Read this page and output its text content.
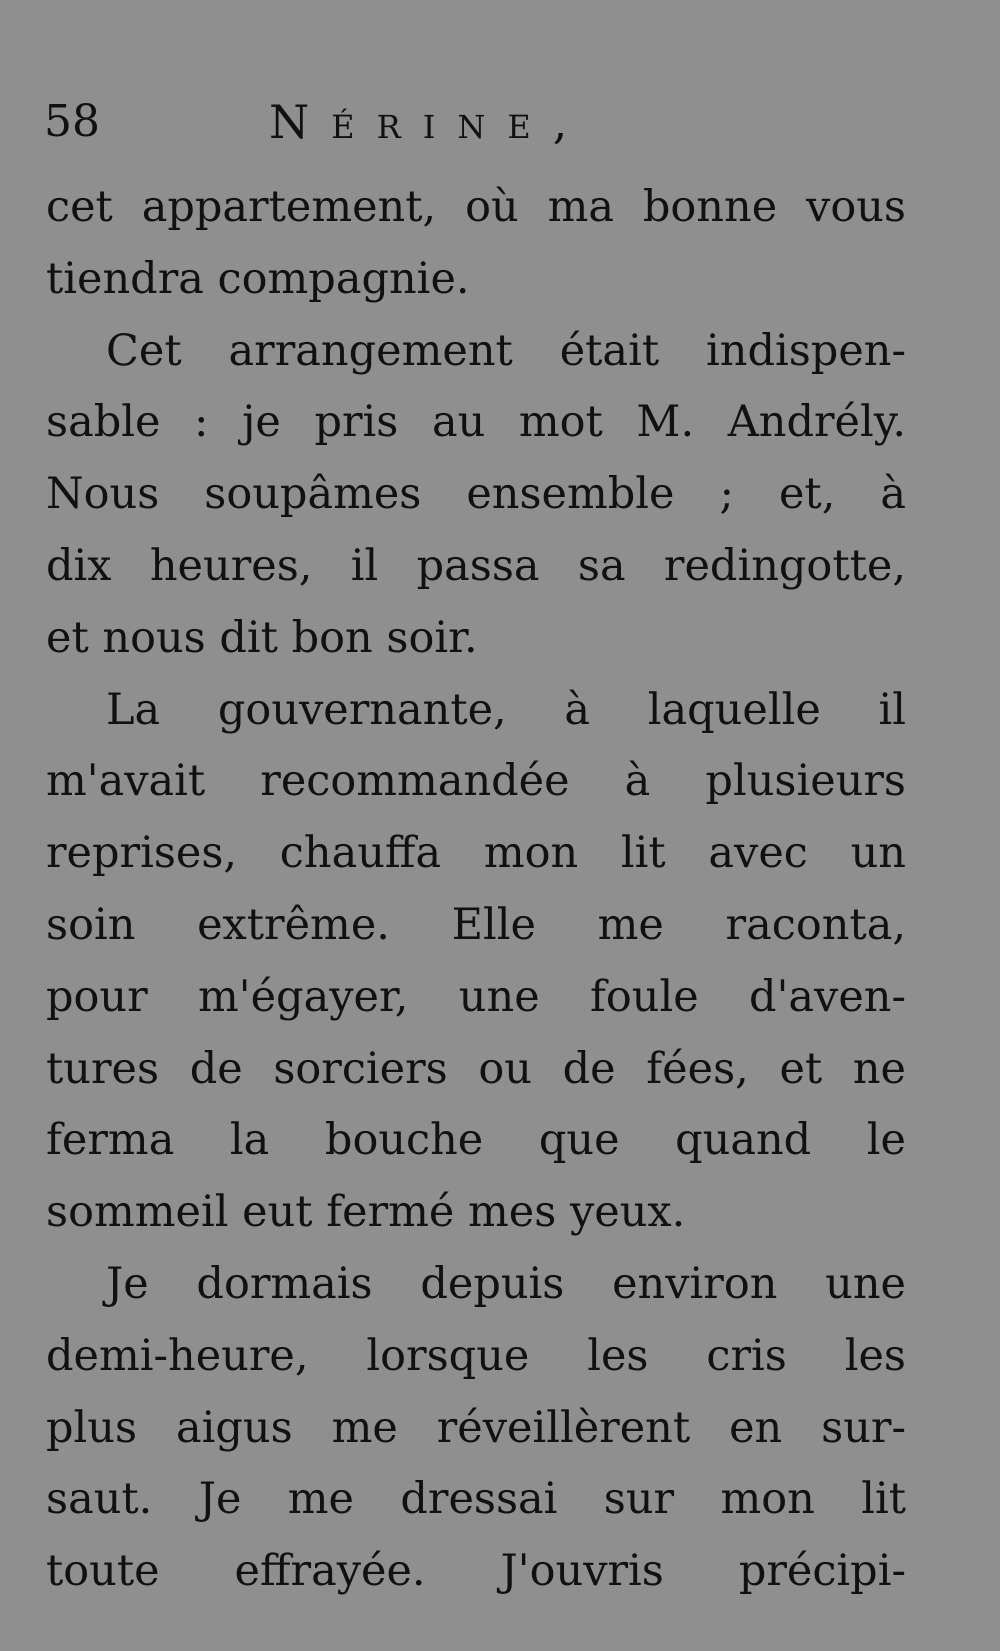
58	Nérine,
cet appartement, où ma bonne vous
tiendra compagnie.
Cet arrangement était indispen-
sable : je pris au mot M. Andrély.
Nous soupâmes ensemble ; et, à
dix heures, il passa sa redingotte,
et nous dit bon soir.
La gouvernante, à laquelle il
m'avait recommandée à plusieurs
reprises, chauffa mon lit avec un
soin extrême. Elle me raconta,
pour m'égayer, une foule d'aven-
tures de sorciers ou de fées, et ne
ferma la bouche que quand le
sommeil eut fermé mes yeux.
Je dormais depuis environ une
demi-heure, lorsque les cris les
plus aigus me réveillèrent en sur-
saut. Je me dressai sur mon lit
toute effrayée. J'ouvris précipi-
